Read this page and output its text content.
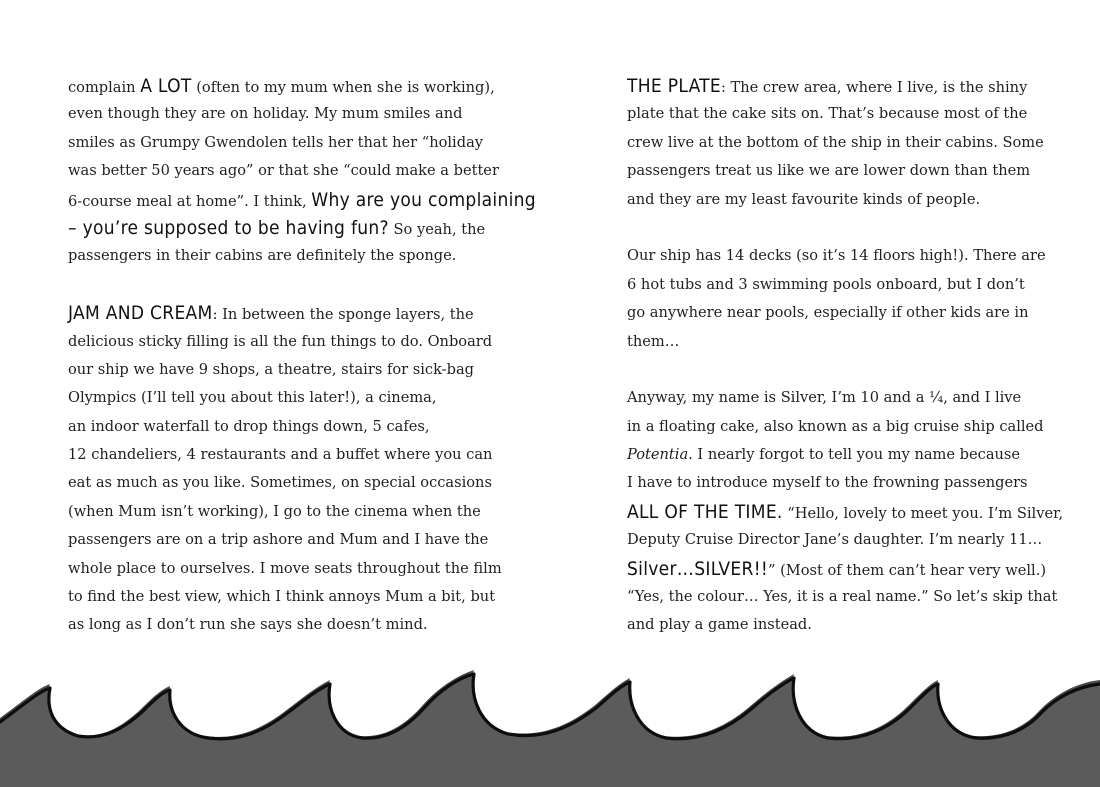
complain A LOT (often to my mum when she is working),
even though they are on holiday. My mum smiles and
smiles as Grumpy Gwendolen tells her that her “holiday
was better 50 years ago” or that she “could make a better
6-course meal at home”. I think, Why are you complaining
– you’re supposed to be having fun? So yeah, the
passengers in their cabins are definitely the sponge.
JAM AND CREAM: In between the sponge layers, the
delicious sticky filling is all the fun things to do. Onboard
our ship we have 9 shops, a theatre, stairs for sick-bag
Olympics (I’ll tell you about this later!), a cinema,
an indoor waterfall to drop things down, 5 cafes,
12 chandeliers, 4 restaurants and a buffet where you can
eat as much as you like. Sometimes, on special occasions
(when Mum isn’t working), I go to the cinema when the
passengers are on a trip ashore and Mum and I have the
whole place to ourselves. I move seats throughout the film
to find the best view, which I think annoys Mum a bit, but
as long as I don’t run she says she doesn’t mind.
THE PLATE: The crew area, where I live, is the shiny
plate that the cake sits on. That’s because most of the
crew live at the bottom of the ship in their cabins. Some
passengers treat us like we are lower down than them
and they are my least favourite kinds of people.
Our ship has 14 decks (so it’s 14 floors high!). There are
6 hot tubs and 3 swimming pools onboard, but I don’t
go anywhere near pools, especially if other kids are in
them…
Anyway, my name is Silver, I’m 10 and a ¼, and I live
in a floating cake, also known as a big cruise ship called
Potentia. I nearly forgot to tell you my name because
I have to introduce myself to the frowning passengers
ALL OF THE TIME. “Hello, lovely to meet you. I’m Silver,
Deputy Cruise Director Jane’s daughter. I’m nearly 11…
Silver…SILVER!!” (Most of them can’t hear very well.)
“Yes, the colour… Yes, it is a real name.” So let’s skip that
and play a game instead.
